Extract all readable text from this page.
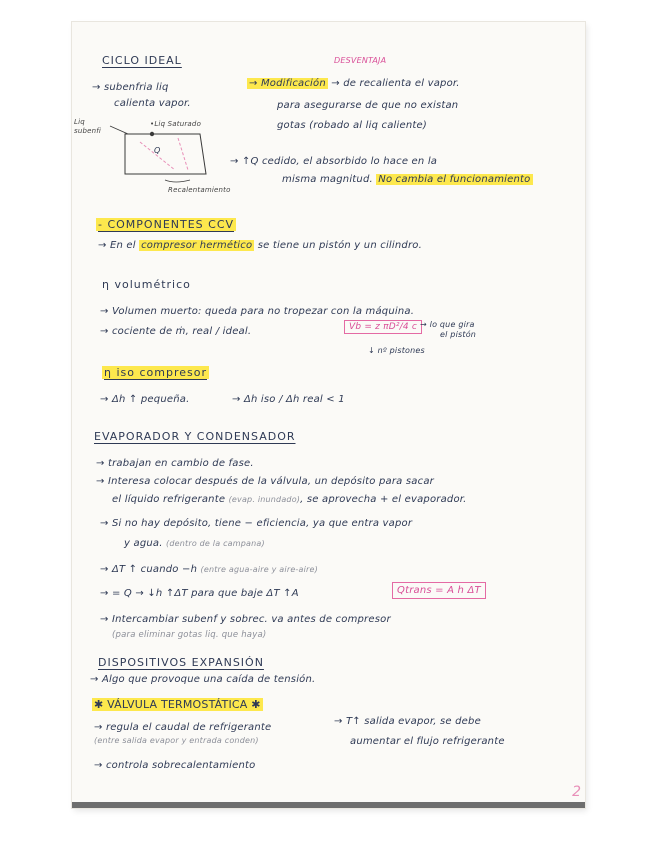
CICLO IDEAL	DESVENTAJA
→ subenfria liq
calienta vapor.
→ Modificación → de recalienta el vapor.
para asegurarse de que no existan
gotas (robado al liq caliente)
Liq subenfi
•Liq Saturado
Q
Recalentamiento
→ ↑Q cedido, el absorbido lo hace en la
misma magnitud. No cambia el funcionamiento
- COMPONENTES CCV
→ En el compresor hermético se tiene un pistón y un cilindro.
η volumétrico
→ Volumen muerto: queda para no tropezar con la máquina.
→ cociente de ṁ, real / ideal.	Vb = z πD²/4 c → lo que gira
el pistón
↓ nº pistones
η iso compresor
→ Δh ↑ pequeña.	→ Δh iso / Δh real < 1
EVAPORADOR Y CONDENSADOR
→ trabajan en cambio de fase.
→ Interesa colocar después de la válvula, un depósito para sacar
el líquido refrigerante (evap. inundado), se aprovecha + el evaporador.
→ Si no hay depósito, tiene − eficiencia, ya que entra vapor
y agua. (dentro de la campana)
→ ΔT ↑ cuando −h (entre agua-aire y aire-aire)
→ = Q → ↓h ↑ΔT para que baje ΔT ↑A	Qtrans = A h ΔT
→ Intercambiar subenf y sobrec. va antes de compresor
(para eliminar gotas liq. que haya)
DISPOSITIVOS EXPANSIÓN
→ Algo que provoque una caída de tensión.
✱ VÁLVULA TERMOSTÁTICA ✱
→ regula el caudal de refrigerante
(entre salida evapor y entrada conden)
→ controla sobrecalentamiento
→ T↑ salida evapor, se debe
aumentar el flujo refrigerante
2
